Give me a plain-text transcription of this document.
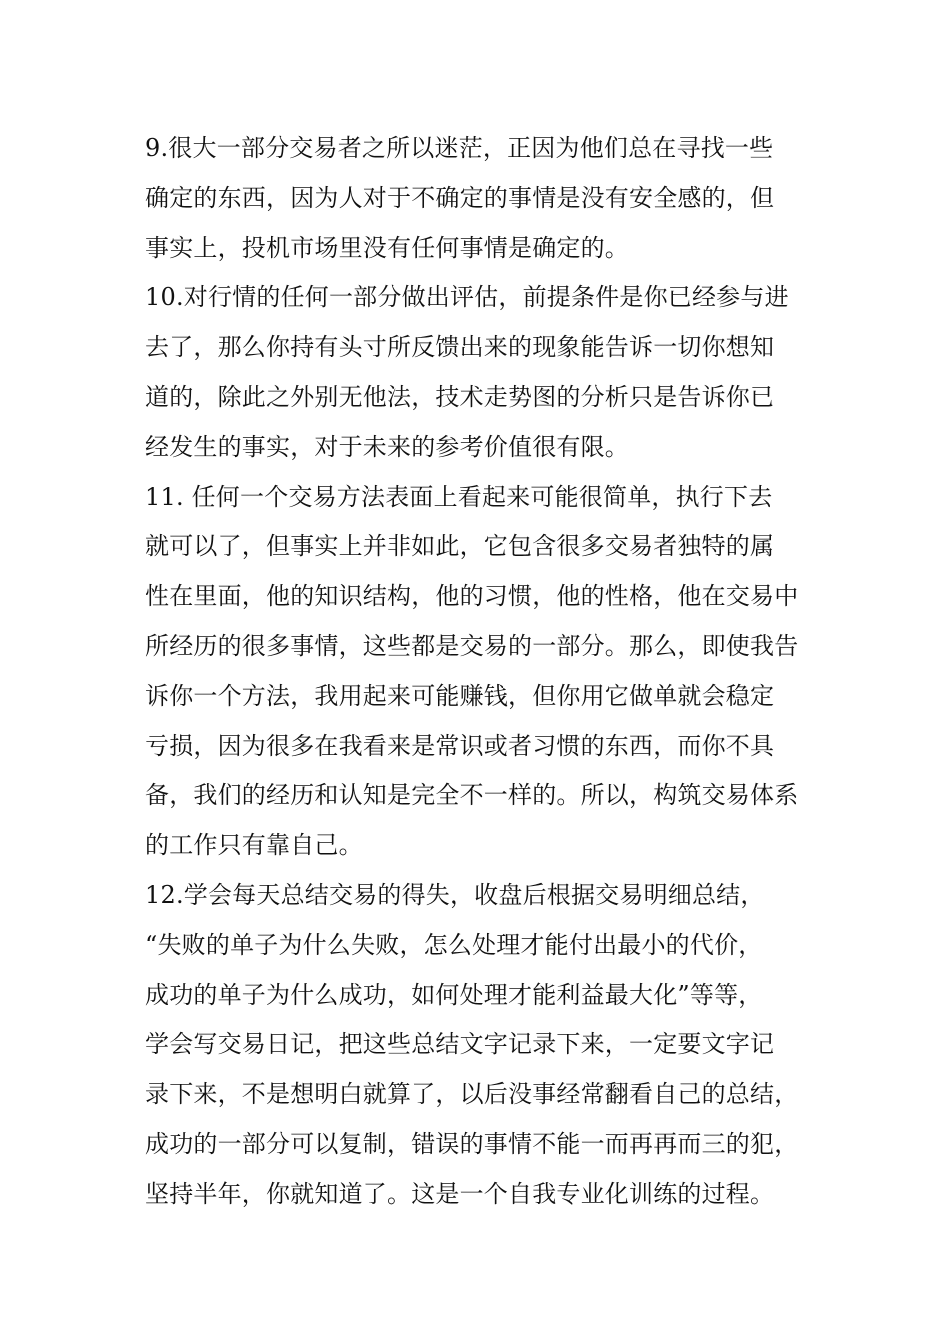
9.很大一部分交易者之所以迷茫，正因为他们总在寻找一些
确定的东西，因为人对于不确定的事情是没有安全感的，但
事实上，投机市场里没有任何事情是确定的。
10.对行情的任何一部分做出评估，前提条件是你已经参与进
去了，那么你持有头寸所反馈出来的现象能告诉一切你想知
道的，除此之外别无他法，技术走势图的分析只是告诉你已
经发生的事实，对于未来的参考价值很有限。
11. 任何一个交易方法表面上看起来可能很简单，执行下去
就可以了，但事实上并非如此，它包含很多交易者独特的属
性在里面，他的知识结构，他的习惯，他的性格，他在交易中
所经历的很多事情，这些都是交易的一部分。那么，即使我告
诉你一个方法，我用起来可能赚钱，但你用它做单就会稳定
亏损，因为很多在我看来是常识或者习惯的东西，而你不具
备，我们的经历和认知是完全不一样的。所以，构筑交易体系
的工作只有靠自己。
12.学会每天总结交易的得失，收盘后根据交易明细总结，
“失败的单子为什么失败，怎么处理才能付出最小的代价，
成功的单子为什么成功，如何处理才能利益最大化”等等，
学会写交易日记，把这些总结文字记录下来，一定要文字记
录下来，不是想明白就算了，以后没事经常翻看自己的总结，
成功的一部分可以复制，错误的事情不能一而再再而三的犯，
坚持半年，你就知道了。这是一个自我专业化训练的过程。
